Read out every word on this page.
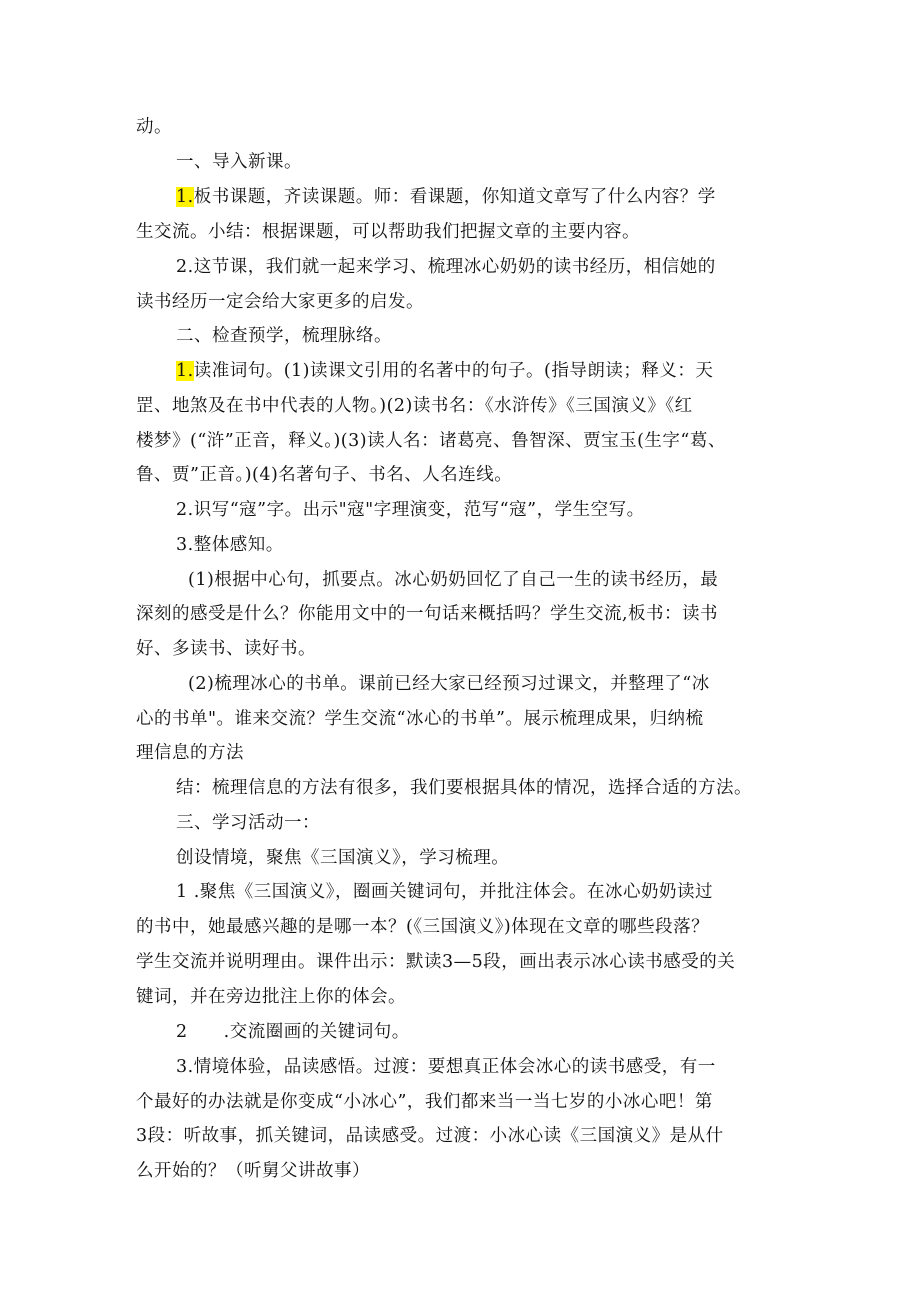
动。
一、导入新课。
1.板书课题，齐读课题。师：看课题，你知道文章写了什么内容？学
生交流。小结：根据课题，可以帮助我们把握文章的主要内容。
2.这节课，我们就一起来学习、梳理冰心奶奶的读书经历，相信她的
读书经历一定会给大家更多的启发。
二、检查预学，梳理脉络。
1.读准词句。(1)读课文引用的名著中的句子。(指导朗读；释义：天
罡、地煞及在书中代表的人物。)(2)读书名：《水浒传》《三国演义》《红
楼梦》(“浒”正音，释义。)(3)读人名：诸葛亮、鲁智深、贾宝玉(生字“葛、
鲁、贾”正音。)(4)名著句子、书名、人名连线。
2.识写“寇”字。出示"寇"字理演变，范写“寇”，学生空写。
3.整体感知。
(1)根据中心句，抓要点。冰心奶奶回忆了自己一生的读书经历，最
深刻的感受是什么？你能用文中的一句话来概括吗？学生交流,板书：读书
好、多读书、读好书。
(2)梳理冰心的书单。课前已经大家已经预习过课文，并整理了“冰
心的书单"。谁来交流？学生交流“冰心的书单”。展示梳理成果，归纳梳
理信息的方法
结：梳理信息的方法有很多，我们要根据具体的情况，选择合适的方法。
三、学习活动一：
创设情境，聚焦《三国演义》，学习梳理。
1 .聚焦《三国演义》，圈画关键词句，并批注体会。在冰心奶奶读过
的书中，她最感兴趣的是哪一本？(《三国演义》)体现在文章的哪些段落？
学生交流并说明理由。课件出示：默读3—5段，画出表示冰心读书感受的关
键词，并在旁边批注上你的体会。
2　　.交流圈画的关键词句。
3.情境体验，品读感悟。过渡：要想真正体会冰心的读书感受，有一
个最好的办法就是你变成“小冰心”，我们都来当一当七岁的小冰心吧！第
3段：听故事，抓关键词，品读感受。过渡：小冰心读《三国演义》是从什
么开始的？（听舅父讲故事）
